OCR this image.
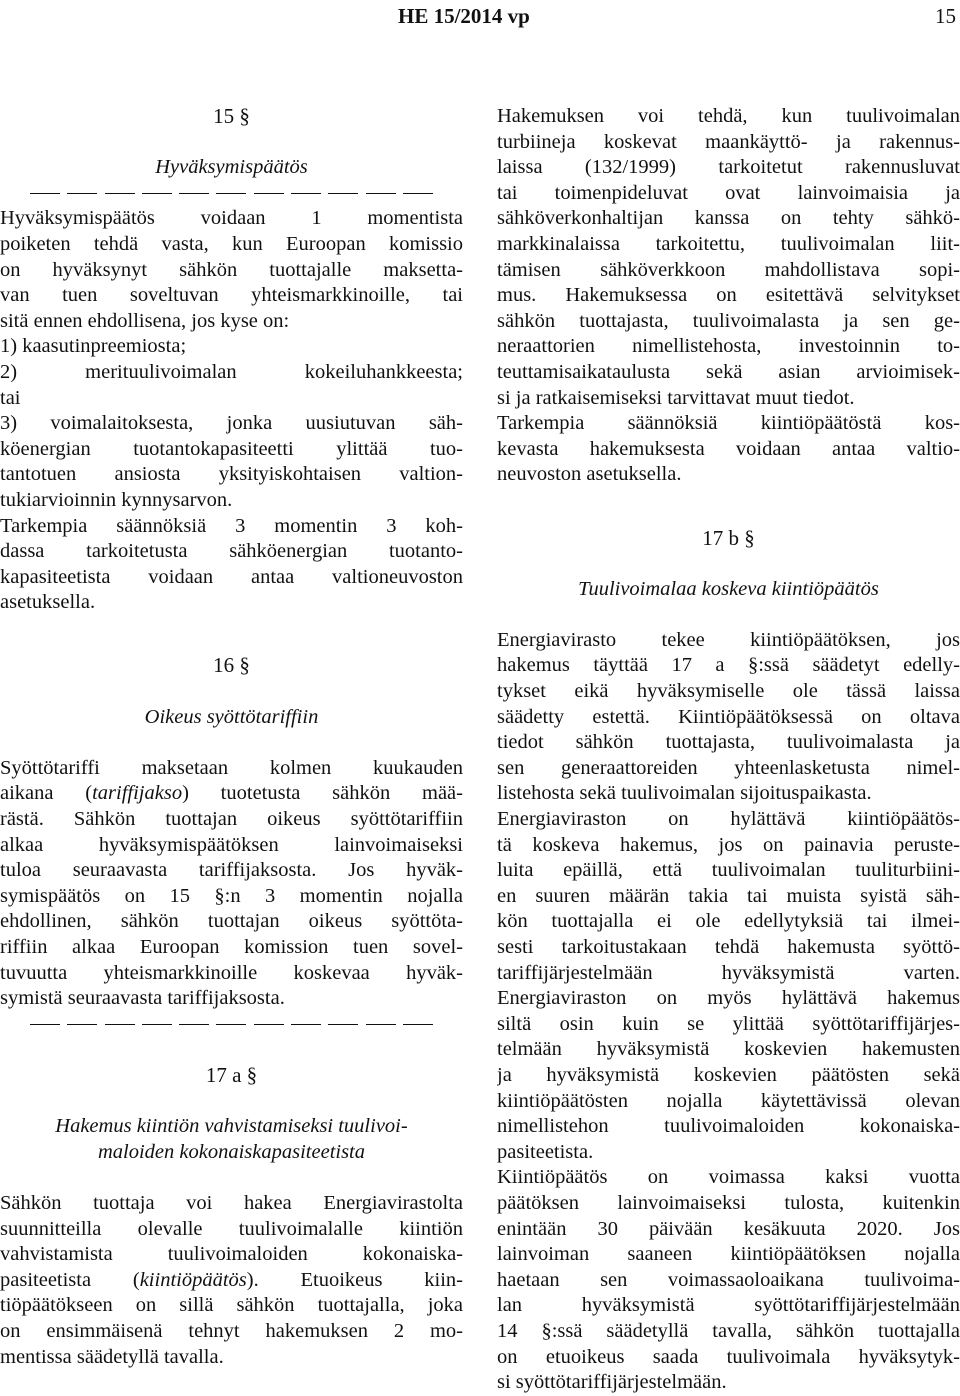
HE 15/2014 vp	15
15 §
Hyväksymispäätös
Hyväksymispäätös voidaan 1 momentista
poiketen tehdä vasta, kun Euroopan komissio
on hyväksynyt sähkön tuottajalle maksetta-
van tuen soveltuvan yhteismarkkinoille, tai
sitä ennen ehdollisena, jos kyse on:
1) kaasutinpreemiosta;
2) merituulivoimalan kokeiluhankkeesta;
tai
3) voimalaitoksesta, jonka uusiutuvan säh-
köenergian tuotantokapasiteetti ylittää tuo-
tantotuen ansiosta yksityiskohtaisen valtion-
tukiarvioinnin kynnysarvon.
Tarkempia säännöksiä 3 momentin 3 koh-
dassa tarkoitetusta sähköenergian tuotanto-
kapasiteetista voidaan antaa valtioneuvoston
asetuksella.
16 §
Oikeus syöttötariffiin
Syöttötariffi maksetaan kolmen kuukauden
aikana (tariffijakso) tuotetusta sähkön mää-
rästä. Sähkön tuottajan oikeus syöttötariffiin
alkaa hyväksymispäätöksen lainvoimaiseksi
tuloa seuraavasta tariffijaksosta. Jos hyväk-
symispäätös on 15 §:n 3 momentin nojalla
ehdollinen, sähkön tuottajan oikeus syöttöta-
riffiin alkaa Euroopan komission tuen sovel-
tuvuutta yhteismarkkinoille koskevaa hyväk-
symistä seuraavasta tariffijaksosta.
17 a §
Hakemus kiintiön vahvistamiseksi tuulivoi-
maloiden kokonaiskapasiteetista
Sähkön tuottaja voi hakea Energiavirastolta
suunnitteilla olevalle tuulivoimalalle kiintiön
vahvistamista tuulivoimaloiden kokonaiska-
pasiteetista (kiintiöpäätös). Etuoikeus kiin-
tiöpäätökseen on sillä sähkön tuottajalla, joka
on ensimmäisenä tehnyt hakemuksen 2 mo-
mentissa säädetyllä tavalla.
Hakemuksen voi tehdä, kun tuulivoimalan
turbiineja koskevat maankäyttö- ja rakennus-
laissa (132/1999) tarkoitetut rakennusluvat
tai toimenpideluvat ovat lainvoimaisia ja
sähköverkonhaltijan kanssa on tehty sähkö-
markkinalaissa tarkoitettu, tuulivoimalan liit-
tämisen sähköverkkoon mahdollistava sopi-
mus. Hakemuksessa on esitettävä selvitykset
sähkön tuottajasta, tuulivoimalasta ja sen ge-
neraattorien nimellistehosta, investoinnin to-
teuttamisaikataulusta sekä asian arvioimisek-
si ja ratkaisemiseksi tarvittavat muut tiedot.
Tarkempia säännöksiä kiintiöpäätöstä kos-
kevasta hakemuksesta voidaan antaa valtio-
neuvoston asetuksella.
17 b §
Tuulivoimalaa koskeva kiintiöpäätös
Energiavirasto tekee kiintiöpäätöksen, jos
hakemus täyttää 17 a §:ssä säädetyt edelly-
tykset eikä hyväksymiselle ole tässä laissa
säädetty estettä. Kiintiöpäätöksessä on oltava
tiedot sähkön tuottajasta, tuulivoimalasta ja
sen generaattoreiden yhteenlasketusta nimel-
listehosta sekä tuulivoimalan sijoituspaikasta.
Energiaviraston on hylättävä kiintiöpäätös-
tä koskeva hakemus, jos on painavia peruste-
luita epäillä, että tuulivoimalan tuuliturbiini-
en suuren määrän takia tai muista syistä säh-
kön tuottajalla ei ole edellytyksiä tai ilmei-
sesti tarkoitustakaan tehdä hakemusta syöttö-
tariffijärjestelmään hyväksymistä varten.
Energiaviraston on myös hylättävä hakemus
siltä osin kuin se ylittää syöttötariffijärjes-
telmään hyväksymistä koskevien hakemusten
ja hyväksymistä koskevien päätösten sekä
kiintiöpäätösten nojalla käytettävissä olevan
nimellistehon tuulivoimaloiden kokonaiska-
pasiteetista.
Kiintiöpäätös on voimassa kaksi vuotta
päätöksen lainvoimaiseksi tulosta, kuitenkin
enintään 30 päivään kesäkuuta 2020. Jos
lainvoiman saaneen kiintiöpäätöksen nojalla
haetaan sen voimassaoloaikana tuulivoima-
lan hyväksymistä syöttötariffijärjestelmään
14 §:ssä säädetyllä tavalla, sähkön tuottajalla
on etuoikeus saada tuulivoimala hyväksytyk-
si syöttötariffijärjestelmään.
